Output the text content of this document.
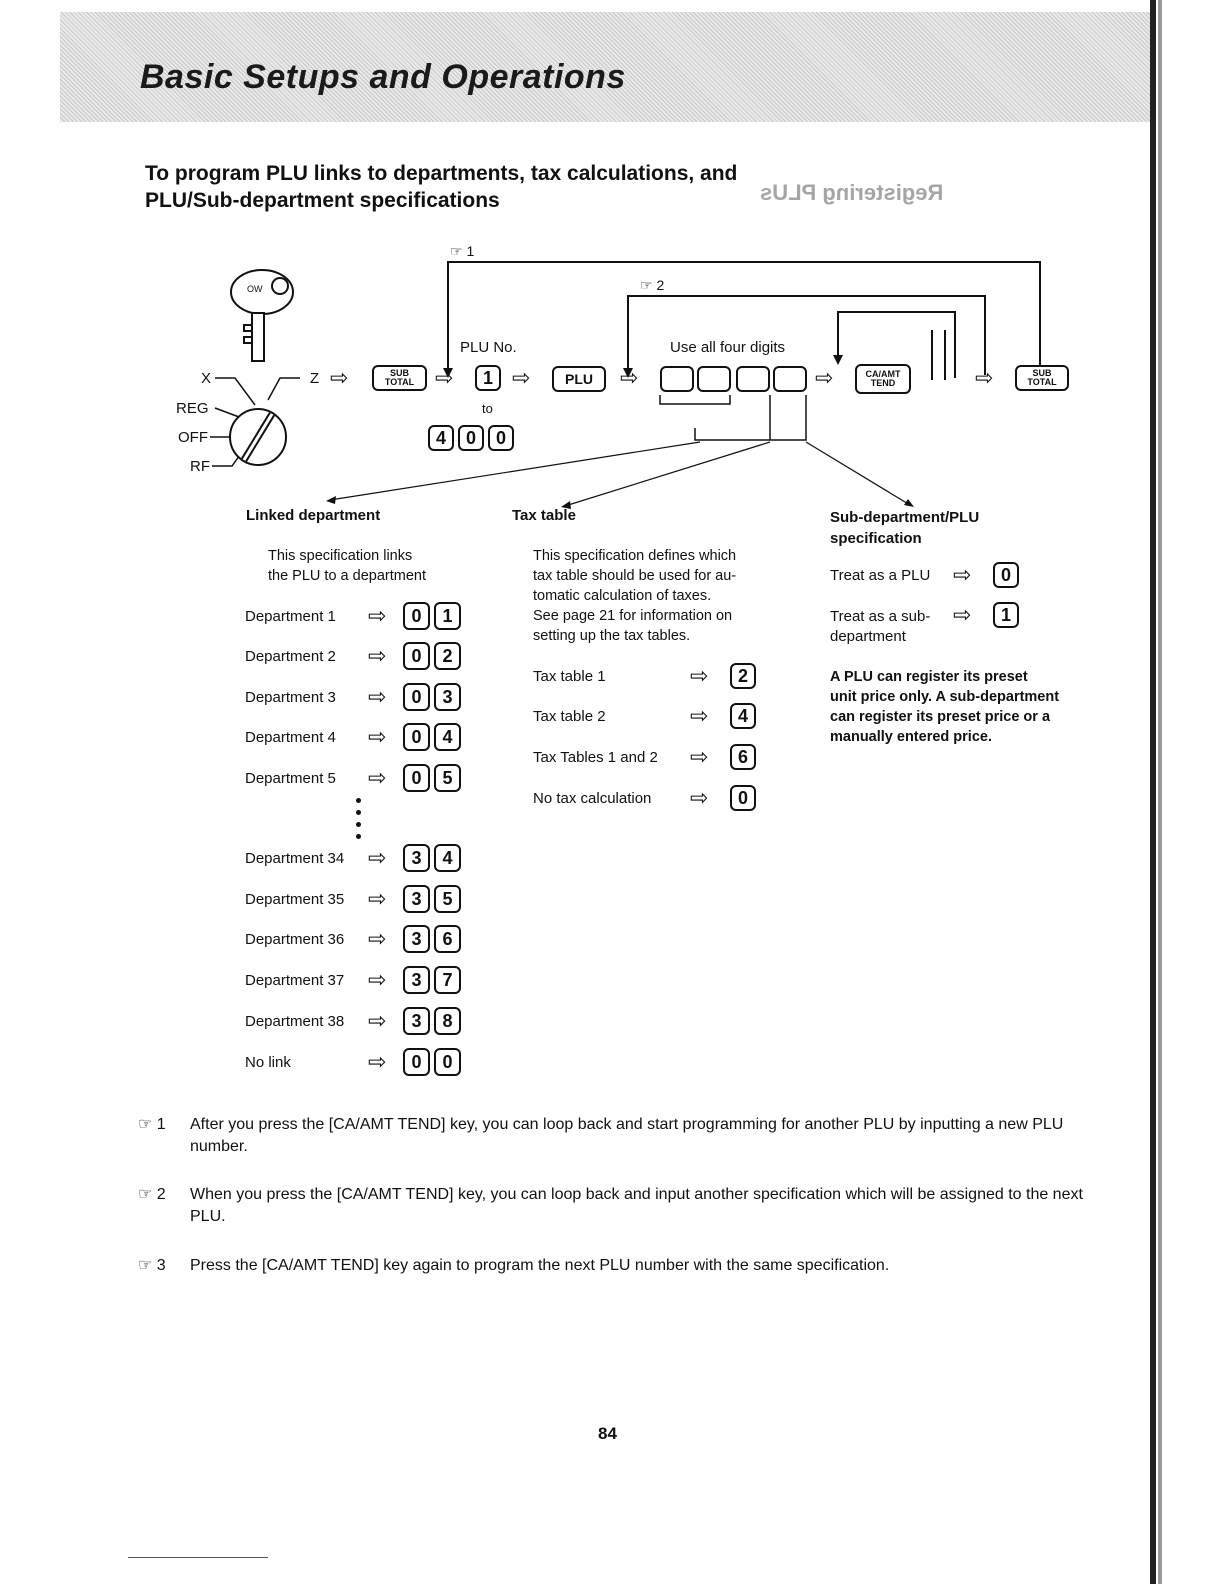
Basic Setups and Operations
To program PLU links to departments, tax calculations, and
PLU/Sub-department specifications	Registering PLUs
☞ 1
☞ 2
PLU No.	Use all four digits
to
OW
X	Z
REG
OFF
RF
⇨	SUB TOTAL ⇨	1 ⇨	PLU	⇨	⇨	CA/AMT TEND	⇨	SUB TOTAL
4	0	0
Linked department	Tax table	Sub-department/PLU
specification
This specification links
the PLU to a department
Department 1 ⇨	0	1
Department 2 ⇨	0	2
Department 3 ⇨	0	3
Department 4 ⇨	0	4
Department 5 ⇨	0	5
Department 34 ⇨	3	4
Department 35 ⇨	3	5
Department 36 ⇨	3	6
Department 37 ⇨	3	7
Department 38 ⇨	3	8
No link	⇨	0	0
This specification defines which
tax table should be used for au-
tomatic calculation of taxes.
See page 21 for information on
setting up the tax tables.
Tax table 1	⇨	2
Tax table 2	⇨	4
Tax Tables 1 and 2 ⇨	6
No tax calculation ⇨	0
Treat as a PLU ⇨	0
Treat as a sub-
department
⇨	1
A PLU can register its preset
unit price only. A sub-department
can register its preset price or a
manually entered price.
☞ 1	After you press the [CA/AMT TEND] key, you can loop back and start programming for another PLU by inputting a new PLU number.
☞ 2	When you press the [CA/AMT TEND] key, you can loop back and input another specification which will be assigned to the next PLU.
☞ 3	Press the [CA/AMT TEND] key again to program the next PLU number with the same specification.
84
